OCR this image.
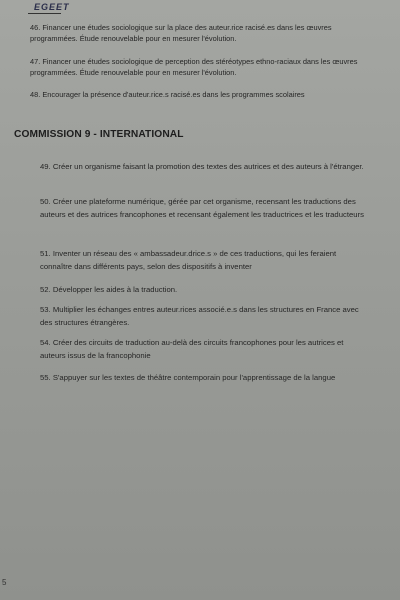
EGEET
46. Financer une études sociologique sur la place des auteur.rice racisé.es dans les œuvres programmées. Étude renouvelable pour en mesurer l'évolution.
47. Financer une études sociologique de perception des stéréotypes ethno-raciaux dans les œuvres programmées. Étude renouvelable pour en mesurer l'évolution.
48. Encourager la présence d'auteur.rice.s racisé.es dans les programmes scolaires
COMMISSION 9 - INTERNATIONAL
49. Créer un organisme faisant la promotion des textes des autrices et des auteurs à l'étranger.
50. Créer une plateforme numérique, gérée par cet organisme, recensant les traductions des auteurs et des autrices francophones et recensant également les traductrices et les traducteurs
51. Inventer un réseau des « ambassadeur.drice.s » de ces traductions, qui les feraient connaître dans différents pays, selon des dispositifs à inventer
52. Développer les aides à la traduction.
53. Multiplier les échanges entres auteur.rices associé.e.s dans les structures en France avec des structures étrangères.
54. Créer des circuits de traduction au-delà des circuits francophones pour les autrices et auteurs issus de la francophonie
55. S'appuyer sur les textes de théâtre contemporain pour l'apprentissage de la langue
5
